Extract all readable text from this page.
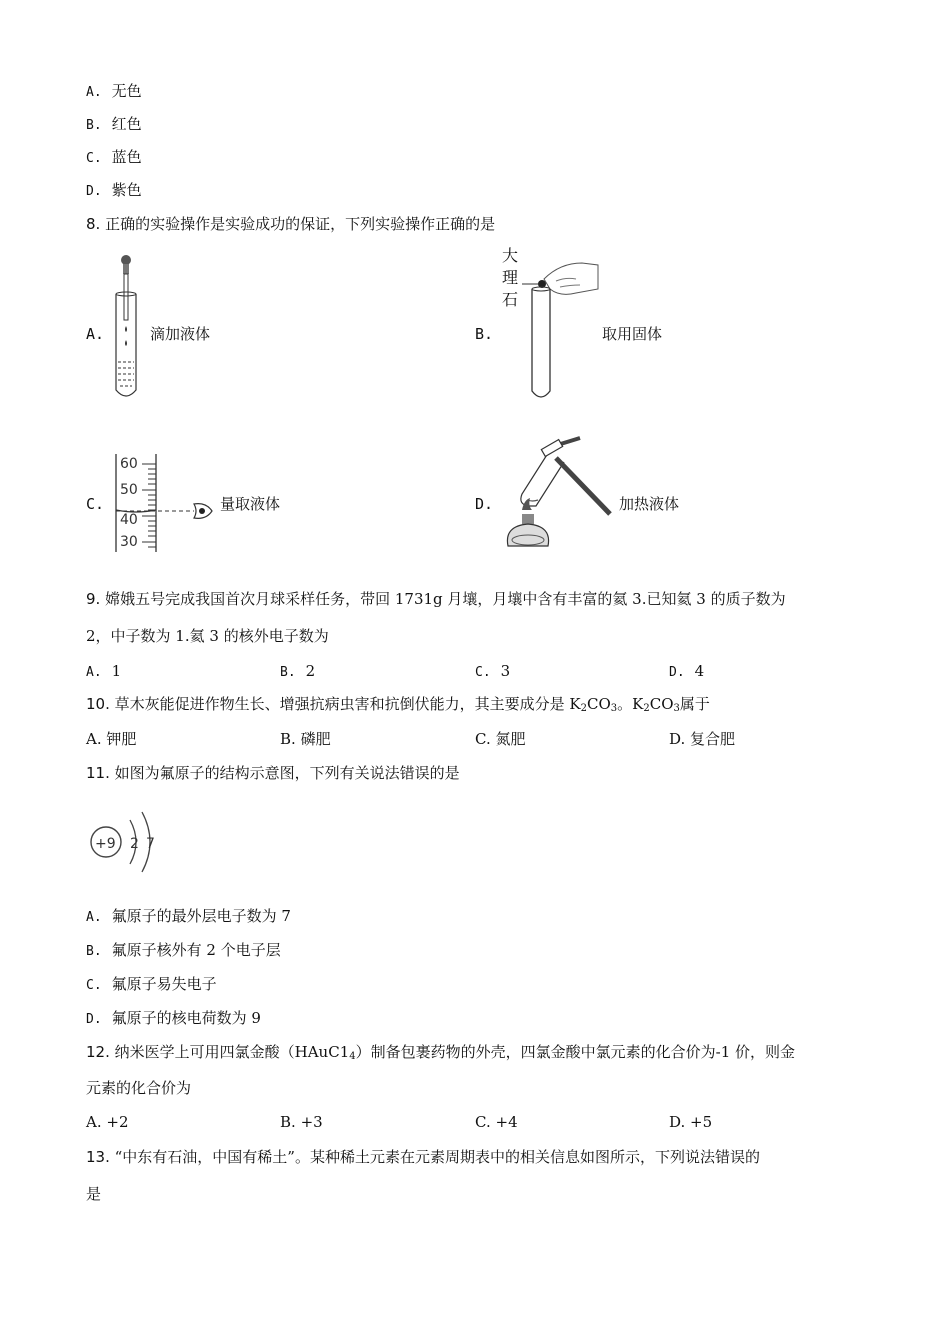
A. 无色
B. 红色
C. 蓝色
D. 紫色
8. 正确的实验操作是实验成功的保证，下列实验操作正确的是
A.	滴加液体	B.
大
理
石
取用固体
C.
60
50
40
30
量取液体	D.	加热液体
9. 嫦娥五号完成我国首次月球采样任务，带回 1731g 月壤，月壤中含有丰富的氦 3.已知氦 3 的质子数为
2，中子数为 1.氦 3 的核外电子数为
A. 1	B. 2	C. 3	D. 4
10. 草木灰能促进作物生长、增强抗病虫害和抗倒伏能力，其主要成分是 $K_2CO_3$。$K_2CO_3$属于
A. 钾肥	B. 磷肥	C. 氮肥	D. 复合肥
11. 如图为氟原子的结构示意图，下列有关说法错误的是
+9 2 7
A. 氟原子的最外层电子数为 7
B. 氟原子核外有 2 个电子层
C. 氟原子易失电子
D. 氟原子的核电荷数为 9
12. 纳米医学上可用四氯金酸$(HAuC1_4)$制备包裹药物的外壳，四氯金酸中氯元素的化合价为-1 价，则金
元素的化合价为
A. +2	B. +3	C. +4	D. +5
13. “中东有石油，中国有稀土”。某种稀土元素在元素周期表中的相关信息如图所示，下列说法错误的
是
